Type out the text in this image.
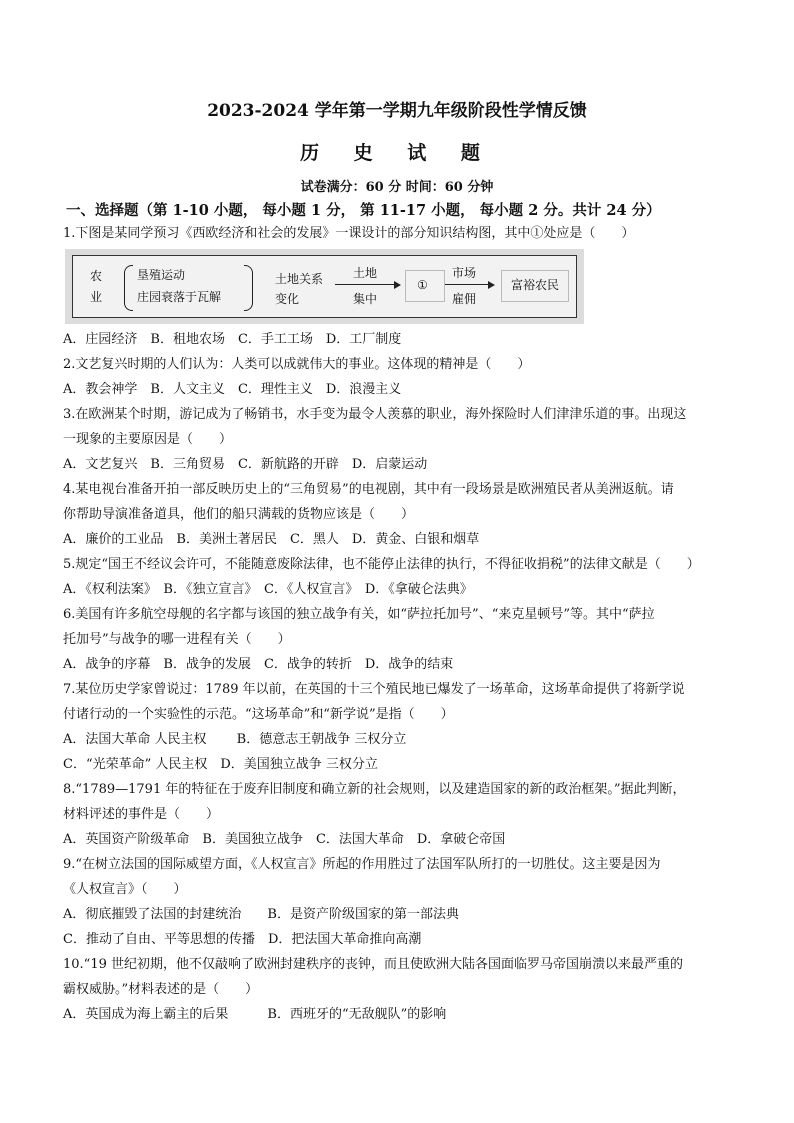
2023-2024 学年第一学期九年级阶段性学情反馈
历 史 试 题
试卷满分：60 分 时间：60 分钟
一、选择题（第 1-10 小题， 每小题 1 分， 第 11-17 小题， 每小题 2 分。共计 24 分）
1.下图是某同学预习《西欧经济和社会的发展》一课设计的部分知识结构图，其中①处应是（　　）
农
业
垦殖运动
庄园衰落于瓦解
土地关系
变化
土地
集中
①
市场
雇佣
富裕农民
A．庄园经济　B．租地农场　C．手工工场　D．工厂制度
2.文艺复兴时期的人们认为：人类可以成就伟大的事业。这体现的精神是（　　）
A．教会神学　B．人文主义　C．理性主义　D．浪漫主义
3.在欧洲某个时期，游记成为了畅销书，水手变为最令人羡慕的职业，海外探险时人们津津乐道的事。出现这
一现象的主要原因是（　　）
A．文艺复兴　B．三角贸易　C．新航路的开辟　D．启蒙运动
4.某电视台准备开拍一部反映历史上的“三角贸易”的电视剧，其中有一段场景是欧洲殖民者从美洲返航。请
你帮助导演准备道具，他们的船只满载的货物应该是（　　）
A．廉价的工业品　B．美洲土著居民　C．黑人　D．黄金、白银和烟草
5.规定“国王不经议会许可，不能随意废除法律，也不能停止法律的执行，不得征收捐税”的法律文献是（　　）
A．《权利法案》　B．《独立宣言》　C．《人权宣言》　D．《拿破仑法典》
6.美国有许多航空母舰的名字都与该国的独立战争有关，如“萨拉托加号”、“来克星顿号”等。其中“萨拉
托加号”与战争的哪一进程有关（　　）
A．战争的序幕　B．战争的发展　C．战争的转折　D．战争的结束
7.某位历史学家曾说过：1789 年以前，在英国的十三个殖民地已爆发了一场革命，这场革命提供了将新学说
付诸行动的一个实验性的示范。“这场革命”和“新学说”是指（　　）
A．法国大革命 人民主权　　 B．德意志王朝战争 三权分立
C．“光荣革命” 人民主权　D．美国独立战争 三权分立
8.“1789—1791 年的特征在于废弃旧制度和确立新的社会规则，以及建造国家的新的政治框架。”据此判断，
材料评述的事件是（　　）
A．英国资产阶级革命　B．美国独立战争　C．法国大革命　D．拿破仑帝国
9.“在树立法国的国际威望方面，《人权宣言》所起的作用胜过了法国军队所打的一切胜仗。这主要是因为
《人权宣言》（　　）
A．彻底摧毁了法国的封建统治　　B．是资产阶级国家的第一部法典
C．推动了自由、平等思想的传播　D．把法国大革命推向高潮
10.“19 世纪初期，他不仅敲响了欧洲封建秩序的丧钟，而且使欧洲大陆各国面临罗马帝国崩溃以来最严重的
霸权威胁。”材料表述的是（　　）
A．英国成为海上霸主的后果　　　B．西班牙的“无敌舰队”的影响
